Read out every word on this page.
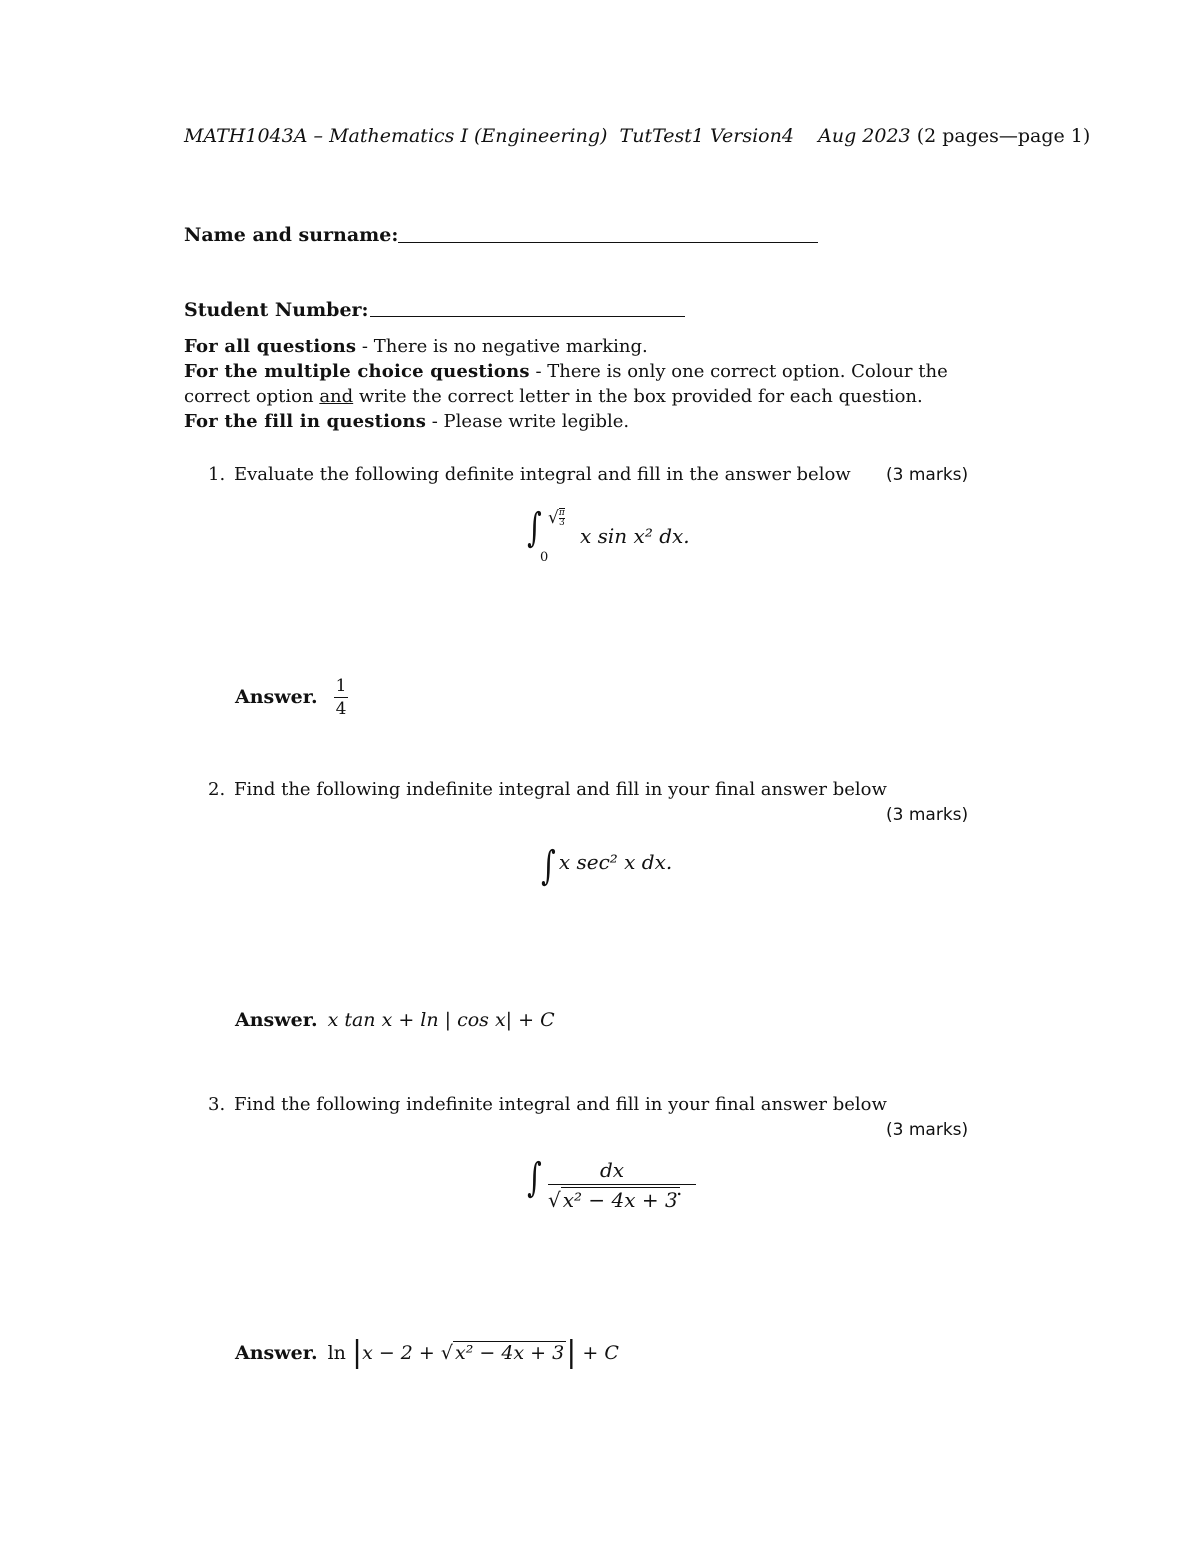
MATH1043A – Mathematics I (Engineering) TutTest1 Version4 Aug 2023 (2 pages—page 1)
Name and surname:
Student Number:
For all questions - There is no negative marking.
For the multiple choice questions - There is only one correct option. Colour the correct option and write the correct letter in the box provided for each question.
For the fill in questions - Please write legible.
1. Evaluate the following definite integral and fill in the answer below (3 marks)
∫
0
√ $\frac{\pi}{3}$
x sin x² dx.
Answer. $\frac{1}{4}$
2. Find the following indefinite integral and fill in your final answer below
(3 marks)
∫ x sec² x dx.
Answer. x tan x + ln | cos x| + C
3. Find the following indefinite integral and fill in your final answer below
(3 marks)
∫	dx
√ x² − 4x + 3
.
Answer. ln |x − 2 + √ x² − 4x + 3| + C
